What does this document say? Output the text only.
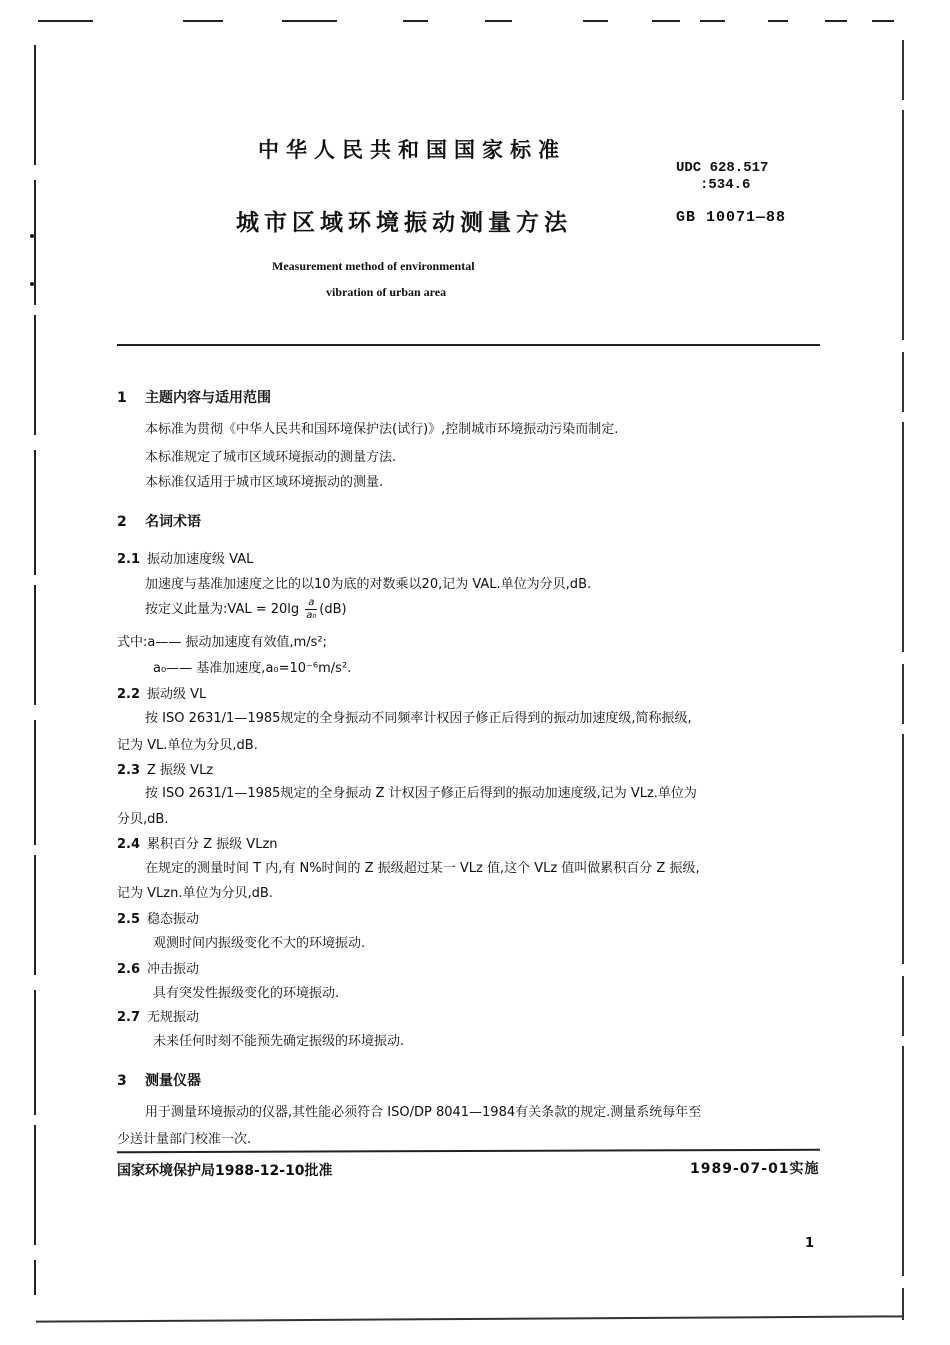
中华人民共和国国家标准
UDC 628.517
:534.6
城市区域环境振动测量方法	GB 10071—88
Measurement method of environmental
vibration of urban area
1 主题内容与适用范围
本标准为贯彻《中华人民共和国环境保护法(试行)》,控制城市环境振动污染而制定.
本标准规定了城市区域环境振动的测量方法.
本标准仅适用于城市区域环境振动的测量.
2 名词术语
2.1 振动加速度级 VAL
加速度与基准加速度之比的以10为底的对数乘以20,记为 VAL.单位为分贝,dB.
按定义此量为:VAL = $20\lg \frac{a}{\text{a₀}} (dB)$
式中:a—— 振动加速度有效值,m/s²;
a₀—— 基准加速度,a₀=10⁻⁶m/s².
2.2 振动级 VL
按 ISO 2631/1—1985规定的全身振动不同频率计权因子修正后得到的振动加速度级,简称振级,
记为 VL.单位为分贝,dB.
2.3 Z 振级 VLz
按 ISO 2631/1—1985规定的全身振动 Z 计权因子修正后得到的振动加速度级,记为 VLz.单位为
分贝,dB.
2.4 累积百分 Z 振级 VLzn
在规定的测量时间 T 内,有 N%时间的 Z 振级超过某一 VLz 值,这个 VLz 值叫做累积百分 Z 振级,
记为 VLzn.单位为分贝,dB.
2.5 稳态振动
观测时间内振级变化不大的环境振动.
2.6 冲击振动
具有突发性振级变化的环境振动.
2.7 无规振动
未来任何时刻不能预先确定振级的环境振动.
3 测量仪器
用于测量环境振动的仪器,其性能必须符合 ISO/DP 8041—1984有关条款的规定.测量系统每年至
少送计量部门校准一次.
国家环境保护局1988-12-10批准	1989-07-01实施
1
